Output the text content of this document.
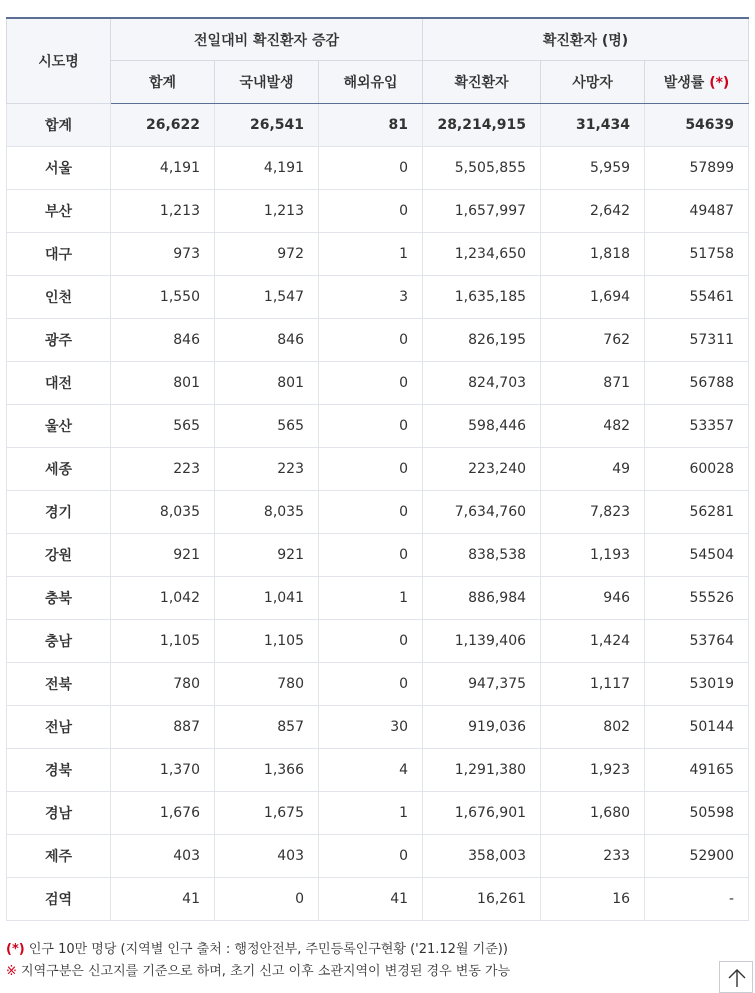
시도명	전일대비 확진환자 증감			확진환자 (명)		
	합계	국내발생	해외유입	확진환자	사망자	발생률 (*)
합계	26,622	26,541	81	28,214,915	31,434	54639
서울	4,191	4,191	0	5,505,855	5,959	57899
부산	1,213	1,213	0	1,657,997	2,642	49487
대구	973	972	1	1,234,650	1,818	51758
인천	1,550	1,547	3	1,635,185	1,694	55461
광주	846	846	0	826,195	762	57311
대전	801	801	0	824,703	871	56788
울산	565	565	0	598,446	482	53357
세종	223	223	0	223,240	49	60028
경기	8,035	8,035	0	7,634,760	7,823	56281
강원	921	921	0	838,538	1,193	54504
충북	1,042	1,041	1	886,984	946	55526
충남	1,105	1,105	0	1,139,406	1,424	53764
전북	780	780	0	947,375	1,117	53019
전남	887	857	30	919,036	802	50144
경북	1,370	1,366	4	1,291,380	1,923	49165
경남	1,676	1,675	1	1,676,901	1,680	50598
제주	403	403	0	358,003	233	52900
검역	41	0	41	16,261	16	-
(*) 인구 10만 명당 (지역별 인구 출처 : 행정안전부, 주민등록인구현황 ('21.12월 기준))
※ 지역구분은 신고지를 기준으로 하며, 초기 신고 이후 소관지역이 변경된 경우 변동 가능
